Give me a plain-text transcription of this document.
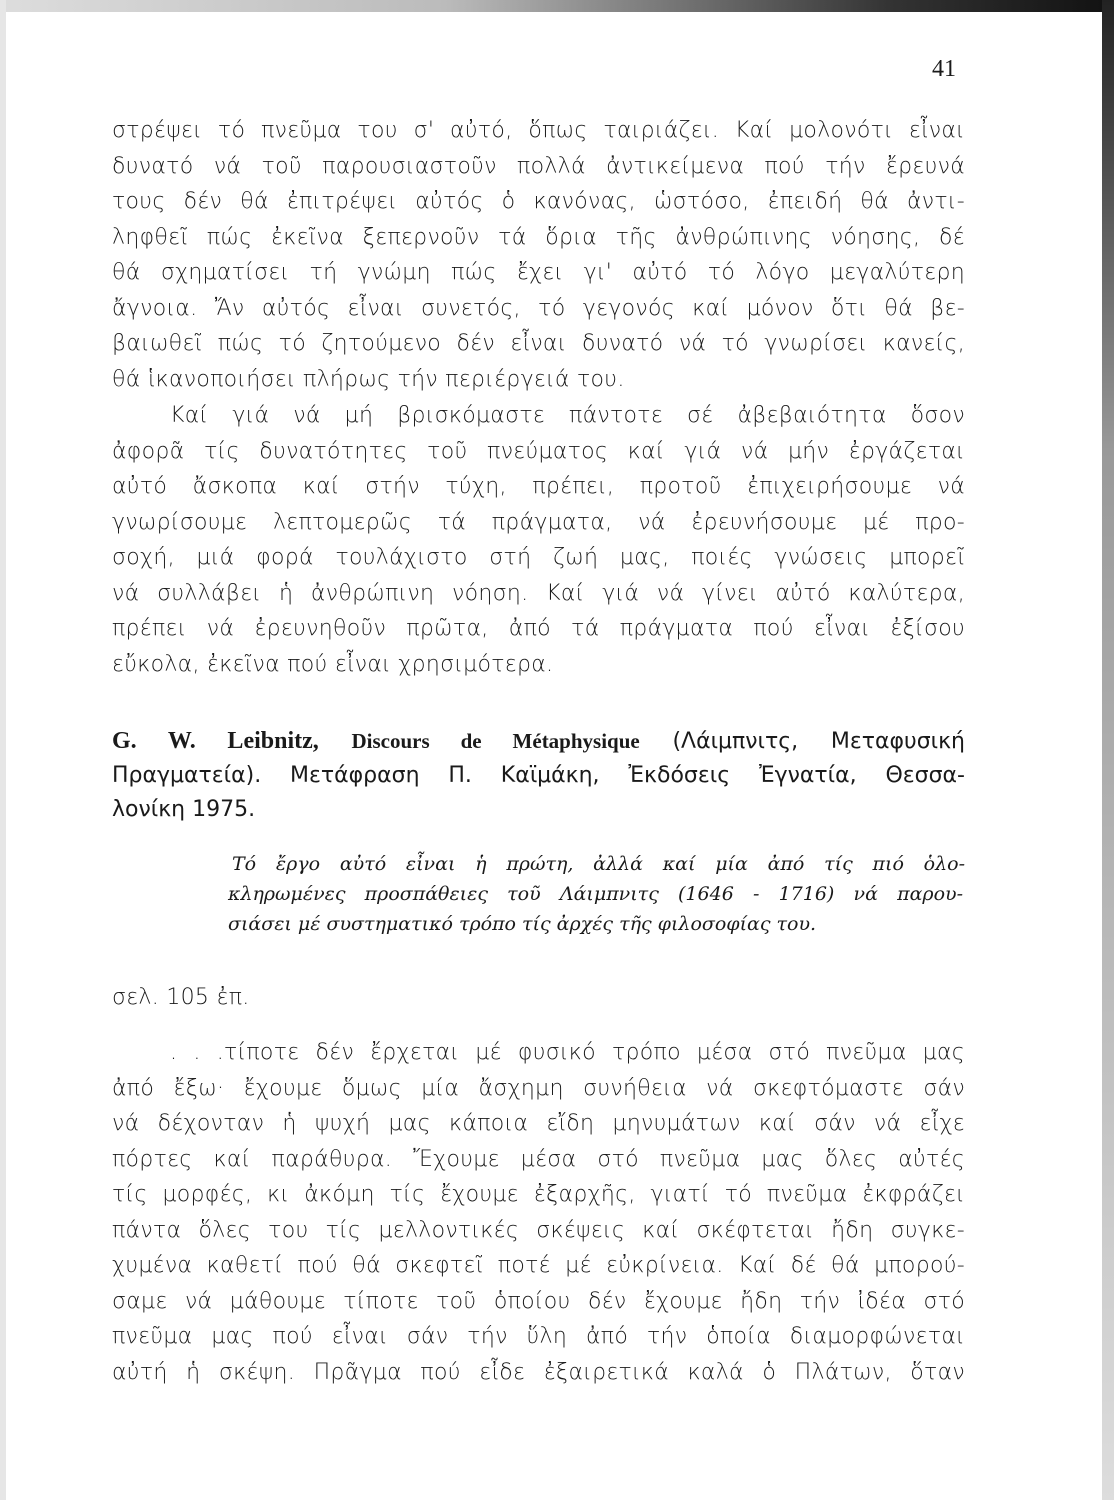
41
στρέψει τό πνεῦμα του σ' αὐτό, ὅπως ταιριάζει. Καί μολονότι εἶναι
δυνατό νά τοῦ παρουσιαστοῦν πολλά ἀντικείμενα πού τήν ἔρευνά
τους δέν θά ἐπιτρέψει αὐτός ὁ κανόνας, ὡστόσο, ἐπειδή θά ἀντι-
ληφθεῖ πώς ἐκεῖνα ξεπερνοῦν τά ὅρια τῆς ἀνθρώπινης νόησης, δέ
θά σχηματίσει τή γνώμη πώς ἔχει γι' αὐτό τό λόγο μεγαλύτερη
ἄγνοια. Ἄν αὐτός εἶναι συνετός, τό γεγονός καί μόνον ὅτι θά βε-
βαιωθεῖ πώς τό ζητούμενο δέν εἶναι δυνατό νά τό γνωρίσει κανείς,
θά ἱκανοποιήσει πλήρως τήν περιέργειά του.
Καί γιά νά μή βρισκόμαστε πάντοτε σέ ἀβεβαιότητα ὅσον
ἀφορᾶ τίς δυνατότητες τοῦ πνεύματος καί γιά νά μήν ἐργάζεται
αὐτό ἄσκοπα καί στήν τύχη, πρέπει, προτοῦ ἐπιχειρήσουμε νά
γνωρίσουμε λεπτομερῶς τά πράγματα, νά ἐρευνήσουμε μέ προ-
σοχή, μιά φορά τουλάχιστο στή ζωή μας, ποιές γνώσεις μπορεῖ
νά συλλάβει ἡ ἀνθρώπινη νόηση. Καί γιά νά γίνει αὐτό καλύτερα,
πρέπει νά ἐρευνηθοῦν πρῶτα, ἀπό τά πράγματα πού εἶναι ἐξίσου
εὔκολα, ἐκεῖνα πού εἶναι χρησιμότερα.
G. W. Leibnitz, Discours de Métaphysique (Λάιμπνιτς, Μεταφυσική
Πραγματεία). Μετάφραση Π. Καϊμάκη, Ἐκδόσεις Ἐγνατία, Θεσσα-
λονίκη 1975.
Τό ἔργο αὐτό εἶναι ἡ πρώτη, ἀλλά καί μία ἀπό τίς πιό ὁλο-
κληρωμένες προσπάθειες τοῦ Λάιμπνιτς (1646 - 1716) νά παρου-
σιάσει μέ συστηματικό τρόπο τίς ἀρχές τῆς φιλοσοφίας του.
σελ. 105 ἐπ.
. . .τίποτε δέν ἔρχεται μέ φυσικό τρόπο μέσα στό πνεῦμα μας
ἀπό ἔξω· ἔχουμε ὅμως μία ἄσχημη συνήθεια νά σκεφτόμαστε σάν
νά δέχονταν ἡ ψυχή μας κάποια εἴδη μηνυμάτων καί σάν νά εἶχε
πόρτες καί παράθυρα. Ἔχουμε μέσα στό πνεῦμα μας ὅλες αὐτές
τίς μορφές, κι ἀκόμη τίς ἔχουμε ἐξαρχῆς, γιατί τό πνεῦμα ἐκφράζει
πάντα ὅλες του τίς μελλοντικές σκέψεις καί σκέφτεται ἤδη συγκε-
χυμένα καθετί πού θά σκεφτεῖ ποτέ μέ εὐκρίνεια. Καί δέ θά μπορού-
σαμε νά μάθουμε τίποτε τοῦ ὁποίου δέν ἔχουμε ἤδη τήν ἰδέα στό
πνεῦμα μας πού εἶναι σάν τήν ὕλη ἀπό τήν ὁποία διαμορφώνεται
αὐτή ἡ σκέψη. Πρᾶγμα πού εἶδε ἐξαιρετικά καλά ὁ Πλάτων, ὅταν
